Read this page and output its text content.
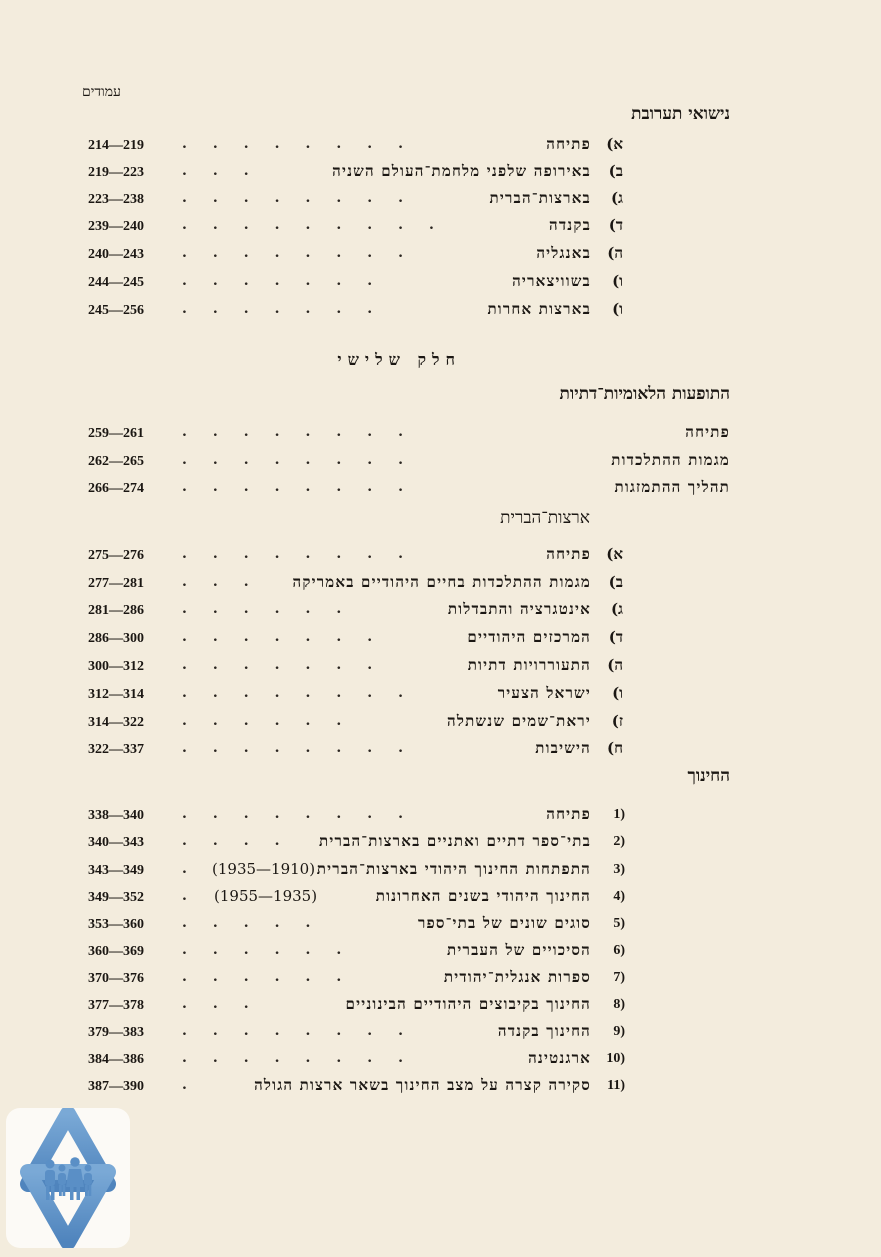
עמודים
נישואי תערובת
214—219	........	פתיחה א)
219—223	...	באירופה שלפני מלחמת־העולם השניה ב)
223—238	........	בארצות־הברית ג)
239—240	.........	בקנדה ד)
240—243	........	באנגליה ה)
244—245	.......	בשוויצאריה ו)
245—256	.......	בארצות אחרות ו)
חלק שלישי
התופעות הלאומיות־דתיות
259—261	........	פתיחה
262—265	........	מגמות ההתלכדות
266—274	........	תהליך ההתמזגות
ארצות־הברית
275—276	........	פתיחה א)
277—281	... מגמות ההתלכדות בחיים היהודיים באמריקה ב)
281—286	......	אינטגרציה והתבדלות ג)
286—300	.......	המרכזים היהודיים ד)
300—312	.......	התעוררויות דתיות ה)
312—314	........	ישראל הצעיר ו)
314—322	......	יראת־שמים שנשתלה ז)
322—337	........	הישיבות ח)
החינוך
338—340	........	פתיחה	1)
340—343	.... בתי־ספר דתיים ואתניים בארצות־הברית	2)
343—349	. (1935—1910) התפתחות החינוך היהודי בארצות־הברית	3)
349—352	. (1955—1935)	החינוך היהודי בשנים האחרונות	4)
353—360	.....	סוגים שונים של בתי־ספר	5)
360—369	......	הסיכויים של העברית	6)
370—376	......	ספרות אנגלית־יהודית	7)
377—378	...	החינוך בקיבוצים היהודיים הבינוניים	8)
379—383	........	החינוך בקנדה	9)
384—386	........	ארגנטינה	10)
387—390	.	סקירה קצרה על מצב החינוך בשאר ארצות הגולה	11)
